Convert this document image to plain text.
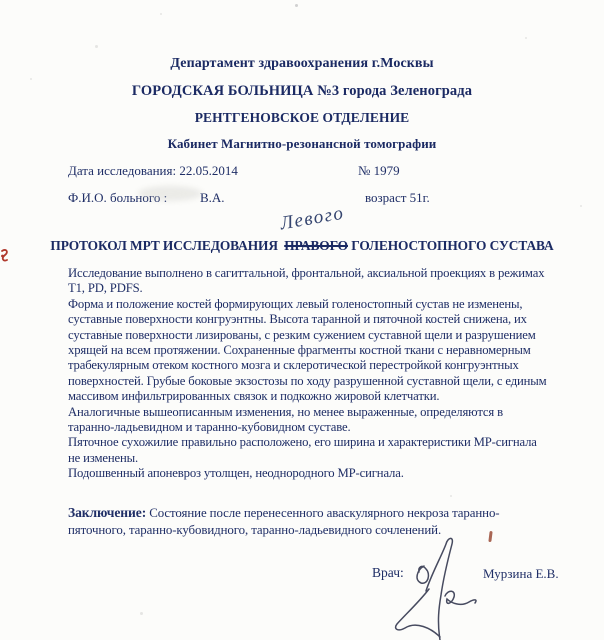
Департамент здравоохранения г.Москвы
ГОРОДСКАЯ БОЛЬНИЦА №3 города Зеленограда
РЕНТГЕНОВСКОЕ ОТДЕЛЕНИЕ
Кабинет Магнитно-резонансной томографии
Дата исследования: 22.05.2014	№ 1979
Ф.И.О. больного :	В.А.	возраст 51г.
Левого
ПРОТОКОЛ МРТ ИССЛЕДОВАНИЯ ПРАВОГО ГОЛЕНОСТОПНОГО СУСТАВА
Исследование выполнено в сагиттальной, фронтальной, аксиальной проекциях в режимах
Т1, PD, PDFS.
Форма и положение костей формирующих левый голеностопный сустав не изменены,
суставные поверхности конгруэнтны. Высота таранной и пяточной костей снижена, их
суставные поверхности лизированы, с резким сужением суставной щели и разрушением
хрящей на всем протяжении. Сохраненные фрагменты костной ткани с неравномерным
трабекулярным отеком костного мозга и склеротической перестройкой конгруэнтных
поверхностей. Грубые боковые экзостозы по ходу разрушенной суставной щели, с единым
массивом инфильтрированных связок и подкожно жировой клетчатки.
Аналогичные вышеописанным изменения, но менее выраженные, определяются в
таранно-ладьевидном и таранно-кубовидном суставе.
Пяточное сухожилие правильно расположено, его ширина и характеристики МР-сигнала
не изменены.
Подошвенный апоневроз утолщен, неоднородного МР-сигнала.
Заключение: Состояние после перенесенного аваскулярного некроза таранно-
пяточного, таранно-кубовидного, таранно-ладьевидного сочленений.
Врач:	Мурзина Е.В.
